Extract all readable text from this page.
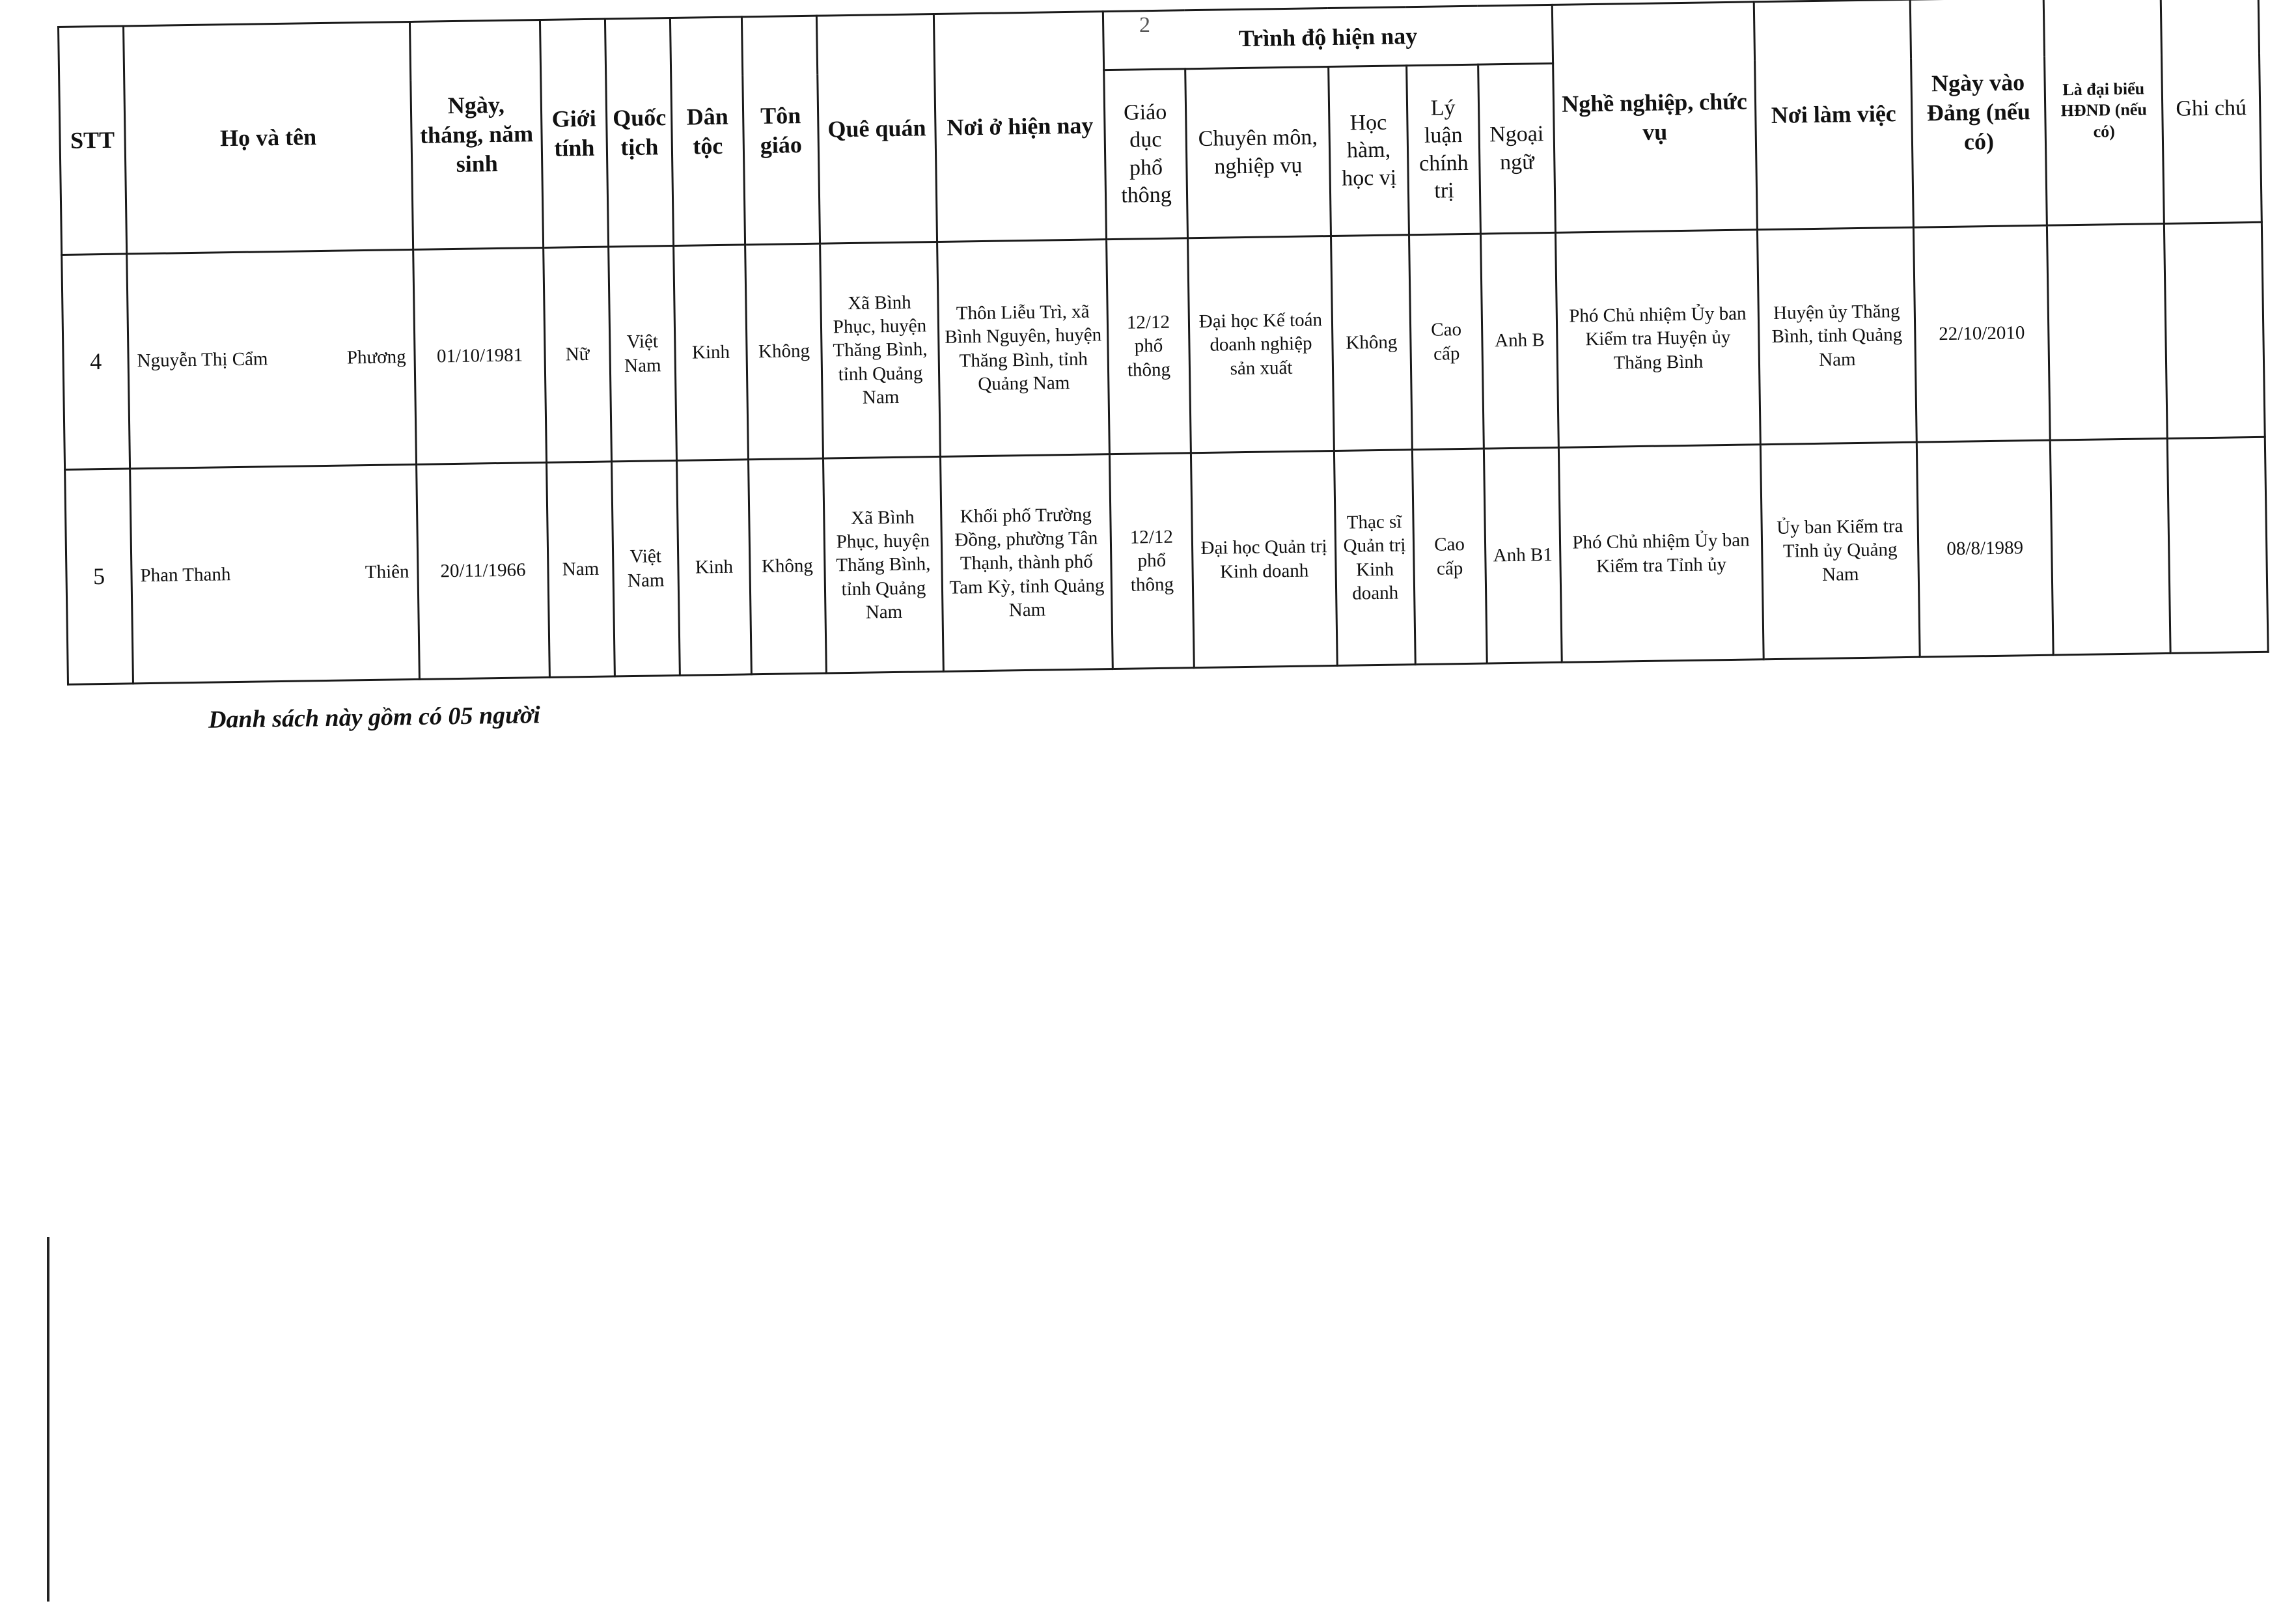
2
STT	Họ và tên	Ngày, tháng, năm sinh	Giới tính	Quốc tịch	Dân tộc	Tôn giáo	Quê quán	Nơi ở hiện nay	Trình độ hiện nay					Nghề nghiệp, chức vụ	Nơi làm việc	Ngày vào Đảng (nếu có)	Là đại biểu HĐND (nếu có)	Ghi chú
									Giáo dục phổ thông	Chuyên môn, nghiệp vụ	Học hàm, học vị	Lý luận chính trị	Ngoại ngữ					
4	Nguyễn Thị Cẩm Phương	01/10/1981	Nữ	Việt Nam	Kinh	Không	Xã Bình Phục, huyện Thăng Bình, tỉnh Quảng Nam	Thôn Liễu Trì, xã Bình Nguyên, huyện Thăng Bình, tỉnh Quảng Nam	12/12 phổ thông	Đại học Kế toán doanh nghiệp sản xuất	Không	Cao cấp	Anh B	Phó Chủ nhiệm Ủy ban Kiểm tra Huyện ủy Thăng Bình	Huyện ủy Thăng Bình, tỉnh Quảng Nam	22/10/2010		
5	Phan Thanh Thiên	20/11/1966	Nam	Việt Nam	Kinh	Không	Xã Bình Phục, huyện Thăng Bình, tỉnh Quảng Nam	Khối phố Trường Đồng, phường Tân Thạnh, thành phố Tam Kỳ, tỉnh Quảng Nam	12/12 phổ thông	Đại học Quản trị Kinh doanh	Thạc sĩ Quản trị Kinh doanh	Cao cấp	Anh B1	Phó Chủ nhiệm Ủy ban Kiểm tra Tỉnh ủy	Ủy ban Kiểm tra Tỉnh ủy Quảng Nam	08/8/1989		
Danh sách này gồm có 05 người
